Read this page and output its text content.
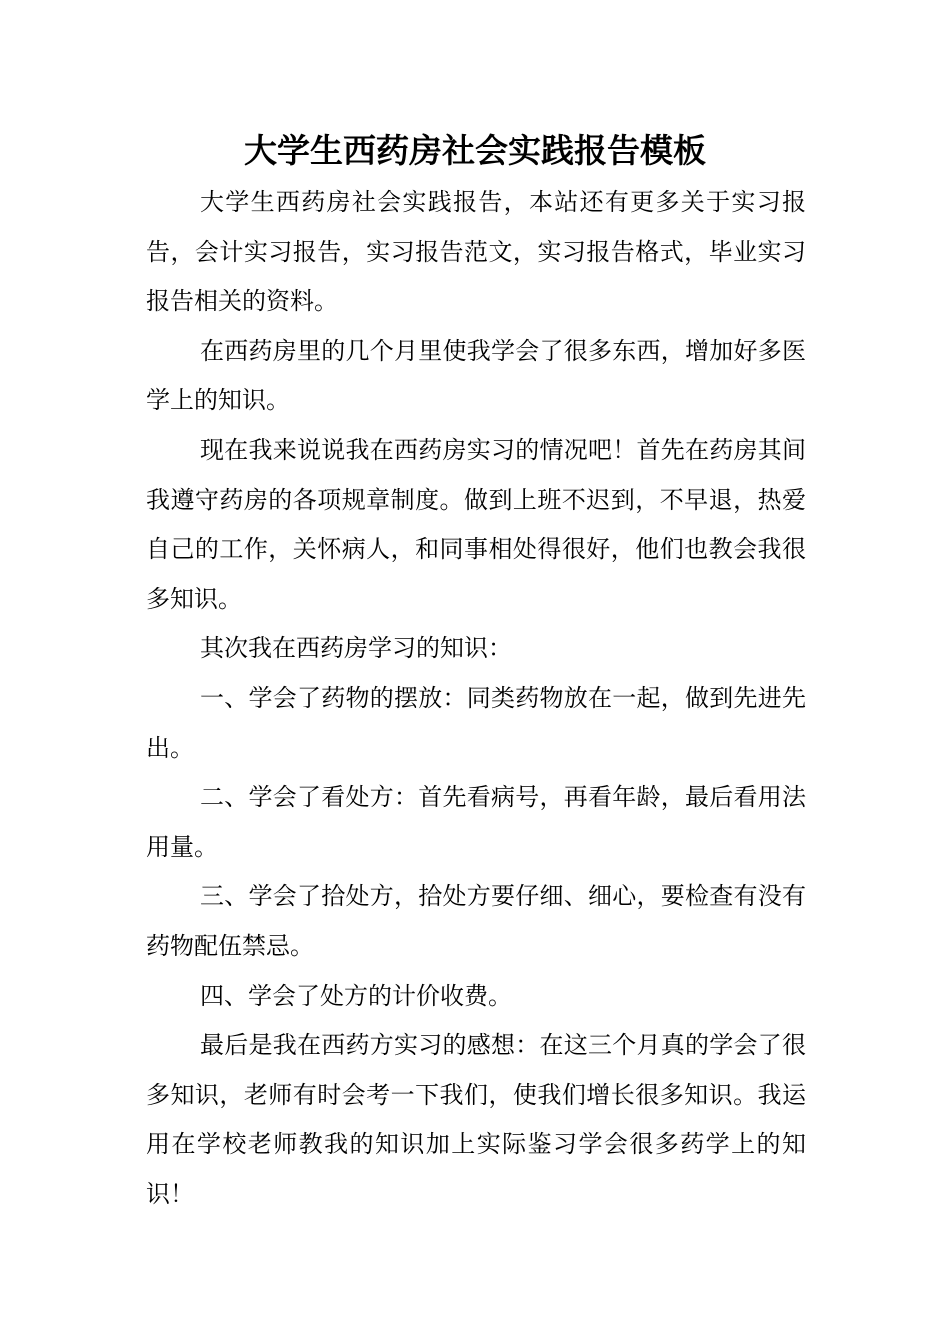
大学生西药房社会实践报告模板

大学生西药房社会实践报告，本站还有更多关于实习报告，会计实习报告，实习报告范文，实习报告格式，毕业实习报告相关的资料。

在西药房里的几个月里使我学会了很多东西，增加好多医学上的知识。

现在我来说说我在西药房实习的情况吧！首先在药房其间我遵守药房的各项规章制度。做到上班不迟到，不早退，热爱自己的工作，关怀病人，和同事相处得很好，他们也教会我很多知识。

其次我在西药房学习的知识：

一、学会了药物的摆放：同类药物放在一起，做到先进先出。

二、学会了看处方：首先看病号，再看年龄，最后看用法用量。

三、学会了拾处方，拾处方要仔细、细心，要检查有没有药物配伍禁忌。

四、学会了处方的计价收费。

最后是我在西药方实习的感想：在这三个月真的学会了很多知识，老师有时会考一下我们，使我们增长很多知识。我运用在学校老师教我的知识加上实际鉴习学会很多药学上的知识！
